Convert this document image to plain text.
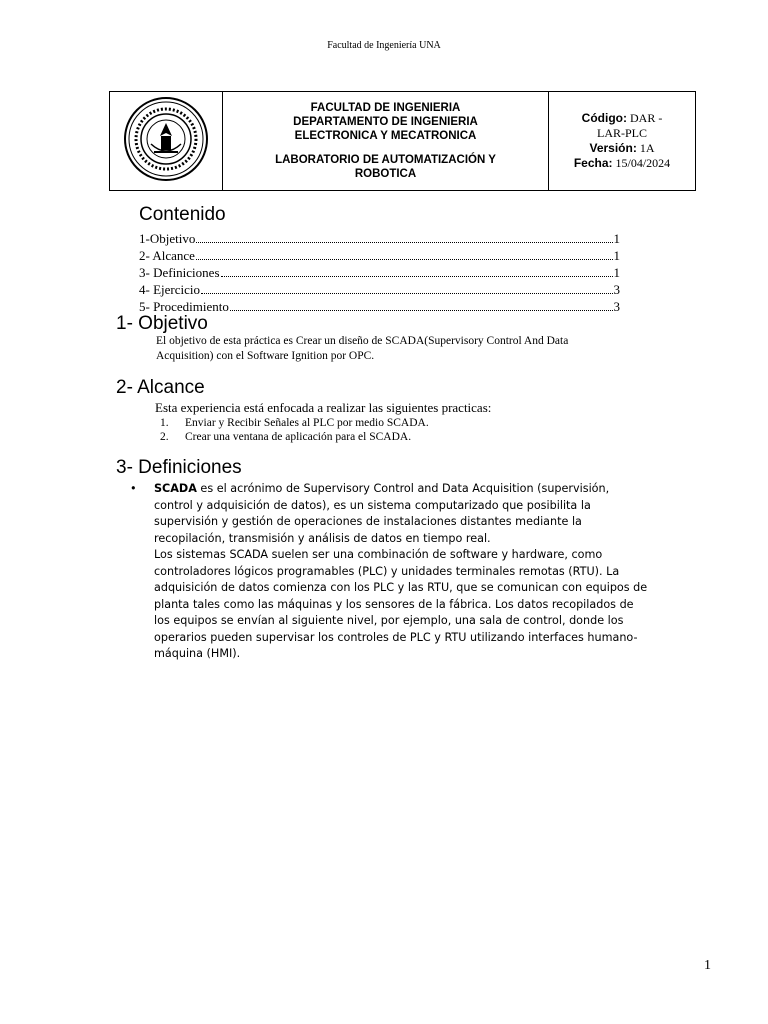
Facultad de Ingeniería UNA

FACULTAD DE INGENIERIA
DEPARTAMENTO DE INGENIERIA
ELECTRONICA Y MECATRONICA
LABORATORIO DE AUTOMATIZACIÓN Y
ROBOTICA

Código: DAR -
LAR-PLC
Versión: 1A
Fecha: 15/04/2024
Contenido
1-Objetivo	1
2- Alcance	1
3- Definiciones	1
4- Ejercicio	3
5- Procedimiento	3
1- Objetivo
El objetivo de esta práctica es Crear un diseño de SCADA(Supervisory Control And Data
Acquisition) con el Software Ignition por OPC.
2- Alcance
Esta experiencia está enfocada a realizar las siguientes practicas:
1.	Enviar y Recibir Señales al PLC por medio SCADA.
2.	Crear una ventana de aplicación para el SCADA.
3- Definiciones
• SCADA es el acrónimo de Supervisory Control and Data Acquisition (supervisión,
control y adquisición de datos), es un sistema computarizado que posibilita la
supervisión y gestión de operaciones de instalaciones distantes mediante la
recopilación, transmisión y análisis de datos en tiempo real.
Los sistemas SCADA suelen ser una combinación de software y hardware, como
controladores lógicos programables (PLC) y unidades terminales remotas (RTU). La
adquisición de datos comienza con los PLC y las RTU, que se comunican con equipos de
planta tales como las máquinas y los sensores de la fábrica. Los datos recopilados de
los equipos se envían al siguiente nivel, por ejemplo, una sala de control, donde los
operarios pueden supervisar los controles de PLC y RTU utilizando interfaces humano-
máquina (HMI).
1
